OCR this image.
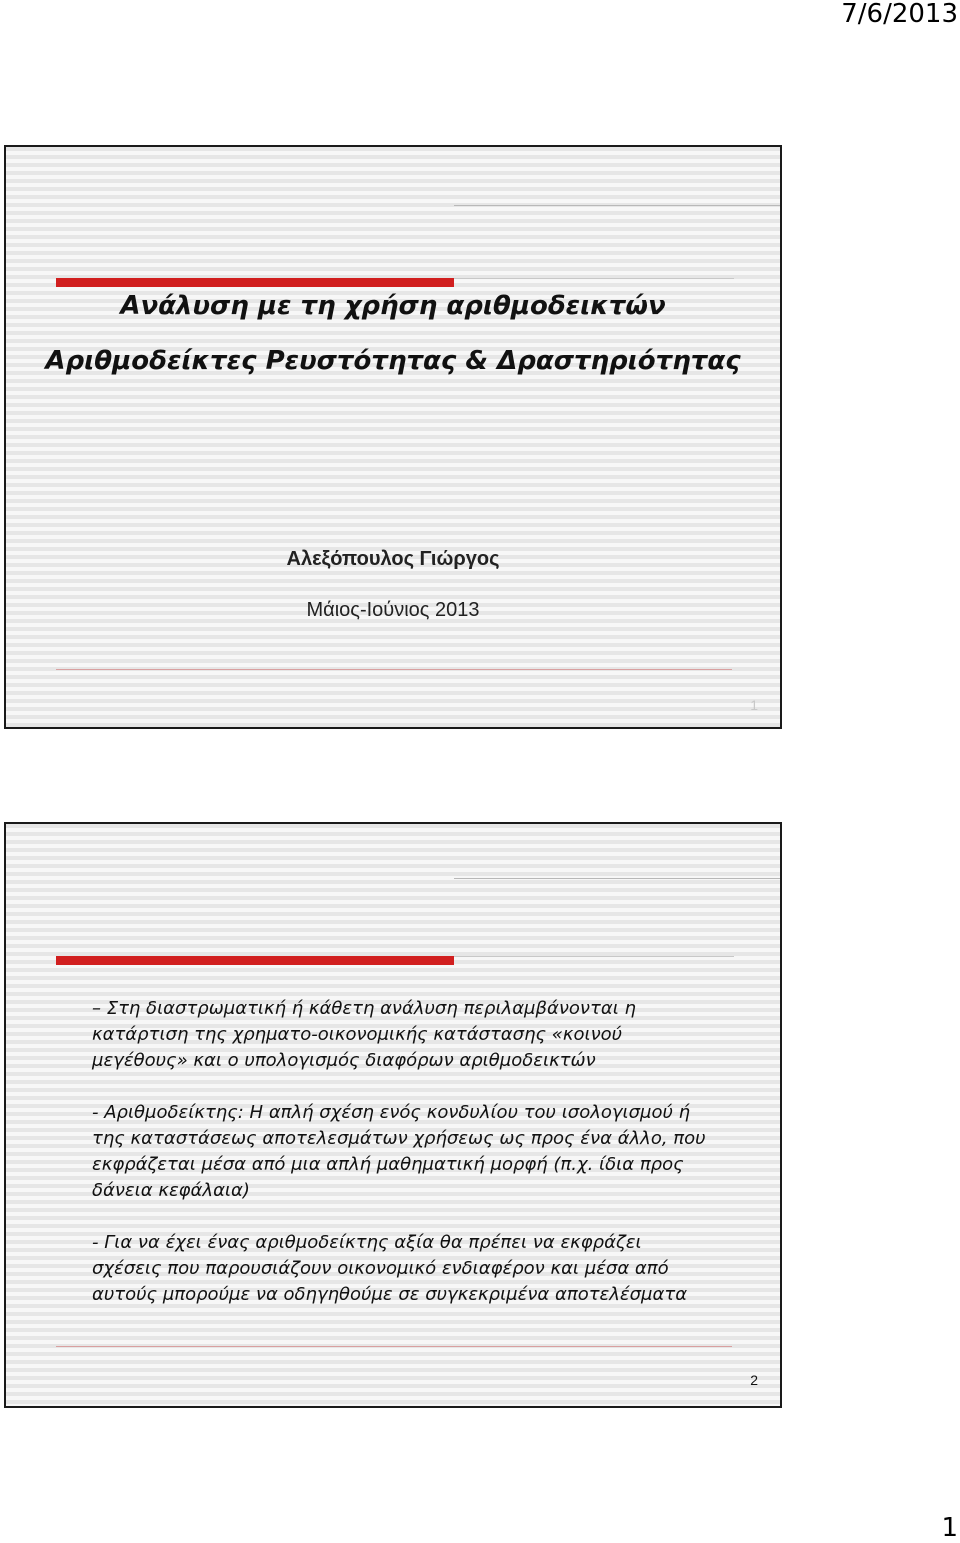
7/6/2013
Ανάλυση με τη χρήση αριθμοδεικτών
Αριθμοδείκτες Ρευστότητας & Δραστηριότητας
Αλεξόπουλος Γιώργος
Μάιος-Ιούνιος 2013
1

– Στη διαστρωματική ή κάθετη ανάλυση περιλαμβάνονται η
κατάρτιση της χρηματο-οικονομικής κατάστασης «κοινού
μεγέθους» και ο υπολογισμός διαφόρων αριθμοδεικτών

- Αριθμοδείκτης: Η απλή σχέση ενός κονδυλίου του ισολογισμού ή
της καταστάσεως αποτελεσμάτων χρήσεως ως προς ένα άλλο, που
εκφράζεται μέσα από μια απλή μαθηματική μορφή (π.χ. ίδια προς
δάνεια κεφάλαια)

- Για να έχει ένας αριθμοδείκτης αξία θα πρέπει να εκφράζει
σχέσεις που παρουσιάζουν οικονομικό ενδιαφέρον και μέσα από
αυτούς μπορούμε να οδηγηθούμε σε συγκεκριμένα αποτελέσματα

2
1
